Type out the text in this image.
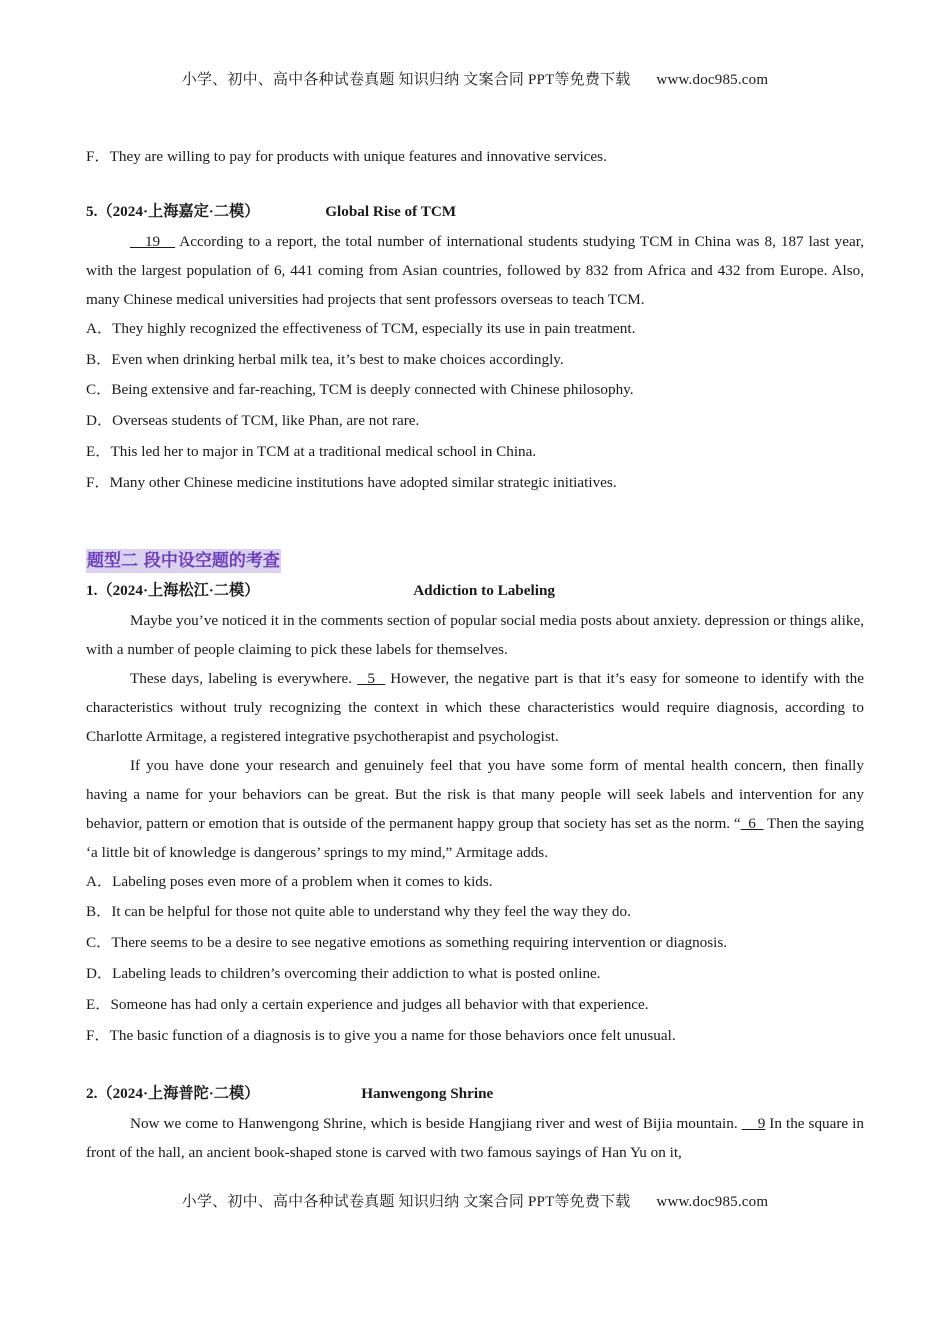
小学、初中、高中各种试卷真题 知识归纳 文案合同 PPT等免费下载 www.doc985.com

F．They are willing to pay for products with unique features and innovative services.

5.（2024·上海嘉定·二模）	Global Rise of TCM

19    According to a report, the total number of international students studying TCM in China was 8, 187 last year, with the largest population of 6, 441 coming from Asian countries, followed by 832 from Africa and 432 from Europe. Also, many Chinese medical universities had projects that sent professors overseas to teach TCM.

A．They highly recognized the effectiveness of TCM, especially its use in pain treatment.

B．Even when drinking herbal milk tea, it’s best to make choices accordingly.

C．Being extensive and far-reaching, TCM is deeply connected with Chinese philosophy.

D．Overseas students of TCM, like Phan, are not rare.

E．This led her to major in TCM at a traditional medical school in China.

F．Many other Chinese medicine institutions have adopted similar strategic initiatives.

题型二 段中设空题的考查

1.（2024·上海松江·二模）	Addiction to Labeling

Maybe you’ve noticed it in the comments section of popular social media posts about anxiety. depression or things alike, with a number of people claiming to pick these labels for themselves.

These days, labeling is everywhere.   5   However, the negative part is that it’s easy for someone to identify with the characteristics without truly recognizing the context in which these characteristics would require diagnosis, according to Charlotte Armitage, a registered integrative psychotherapist and psychologist.

If you have done your research and genuinely feel that you have some form of mental health concern, then finally having a name for your behaviors can be great. But the risk is that many people will seek labels and intervention for any behavior, pattern or emotion that is outside of the permanent happy group that society has set as the norm. “  6   Then the saying ‘a little bit of knowledge is dangerous’ springs to my mind,” Armitage adds.

A．Labeling poses even more of a problem when it comes to kids.

B．It can be helpful for those not quite able to understand why they feel the way they do.

C．There seems to be a desire to see negative emotions as something requiring intervention or diagnosis.

D．Labeling leads to children’s overcoming their addiction to what is posted online.

E．Someone has had only a certain experience and judges all behavior with that experience.

F．The basic function of a diagnosis is to give you a name for those behaviors once felt unusual.

2.（2024·上海普陀·二模）	Hanwengong Shrine

Now we come to Hanwengong Shrine, which is beside Hangjiang river and west of Bijia mountain.     9 In the square in front of the hall, an ancient book-shaped stone is carved with two famous sayings of Han Yu on it,

小学、初中、高中各种试卷真题 知识归纳 文案合同 PPT等免费下载 www.doc985.com
